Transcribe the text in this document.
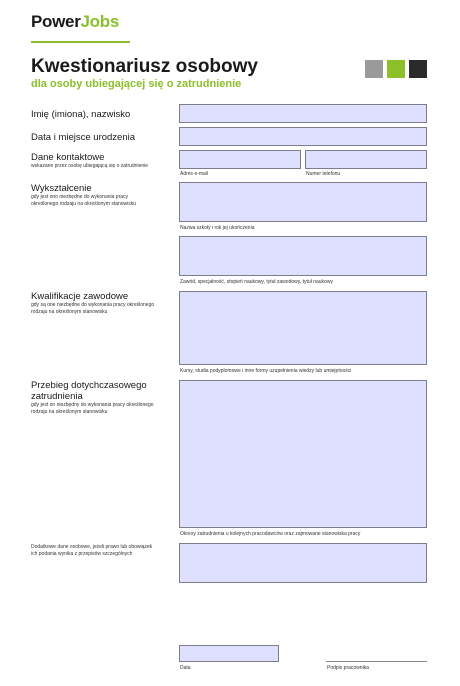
PowerJobs
Kwestionariusz osobowy
dla osoby ubiegającej się o zatrudnienie
Imię (imiona), nazwisko
Data i miejsce urodzenia
Dane kontaktowe
wskazane przez osobę ubiegającą się o zatrudnienie
Adres e-mail	Numer telefonu
Wykształcenie
gdy jest ono niezbędne do wykonania pracy określonego rodzaju na określonym stanowisku
Nazwa szkoły i rok jej ukończenia
Zawód, specjalność, stopień naukowy, tytuł zawodowy, tytuł naukowy
Kwalifikacje zawodowe
gdy są one niezbędne do wykonania pracy określonego rodzaju na określonym stanowisku
Kursy, studia podyplomowe i inne formy uzupełnienia wiedzy lub umiejętności
Przebieg dotychczasowego zatrudnienia
gdy jest on niezbędny do wykonania pracy określonego rodzaju na określonym stanowisku
Okresy zatrudnienia u kolejnych pracodawców oraz zajmowane stanowiska pracy
Dodatkowe dane osobowe, jeżeli prawo lub obowiązek ich podania wynika z przepisów szczególnych
Data	Podpis pracownika
